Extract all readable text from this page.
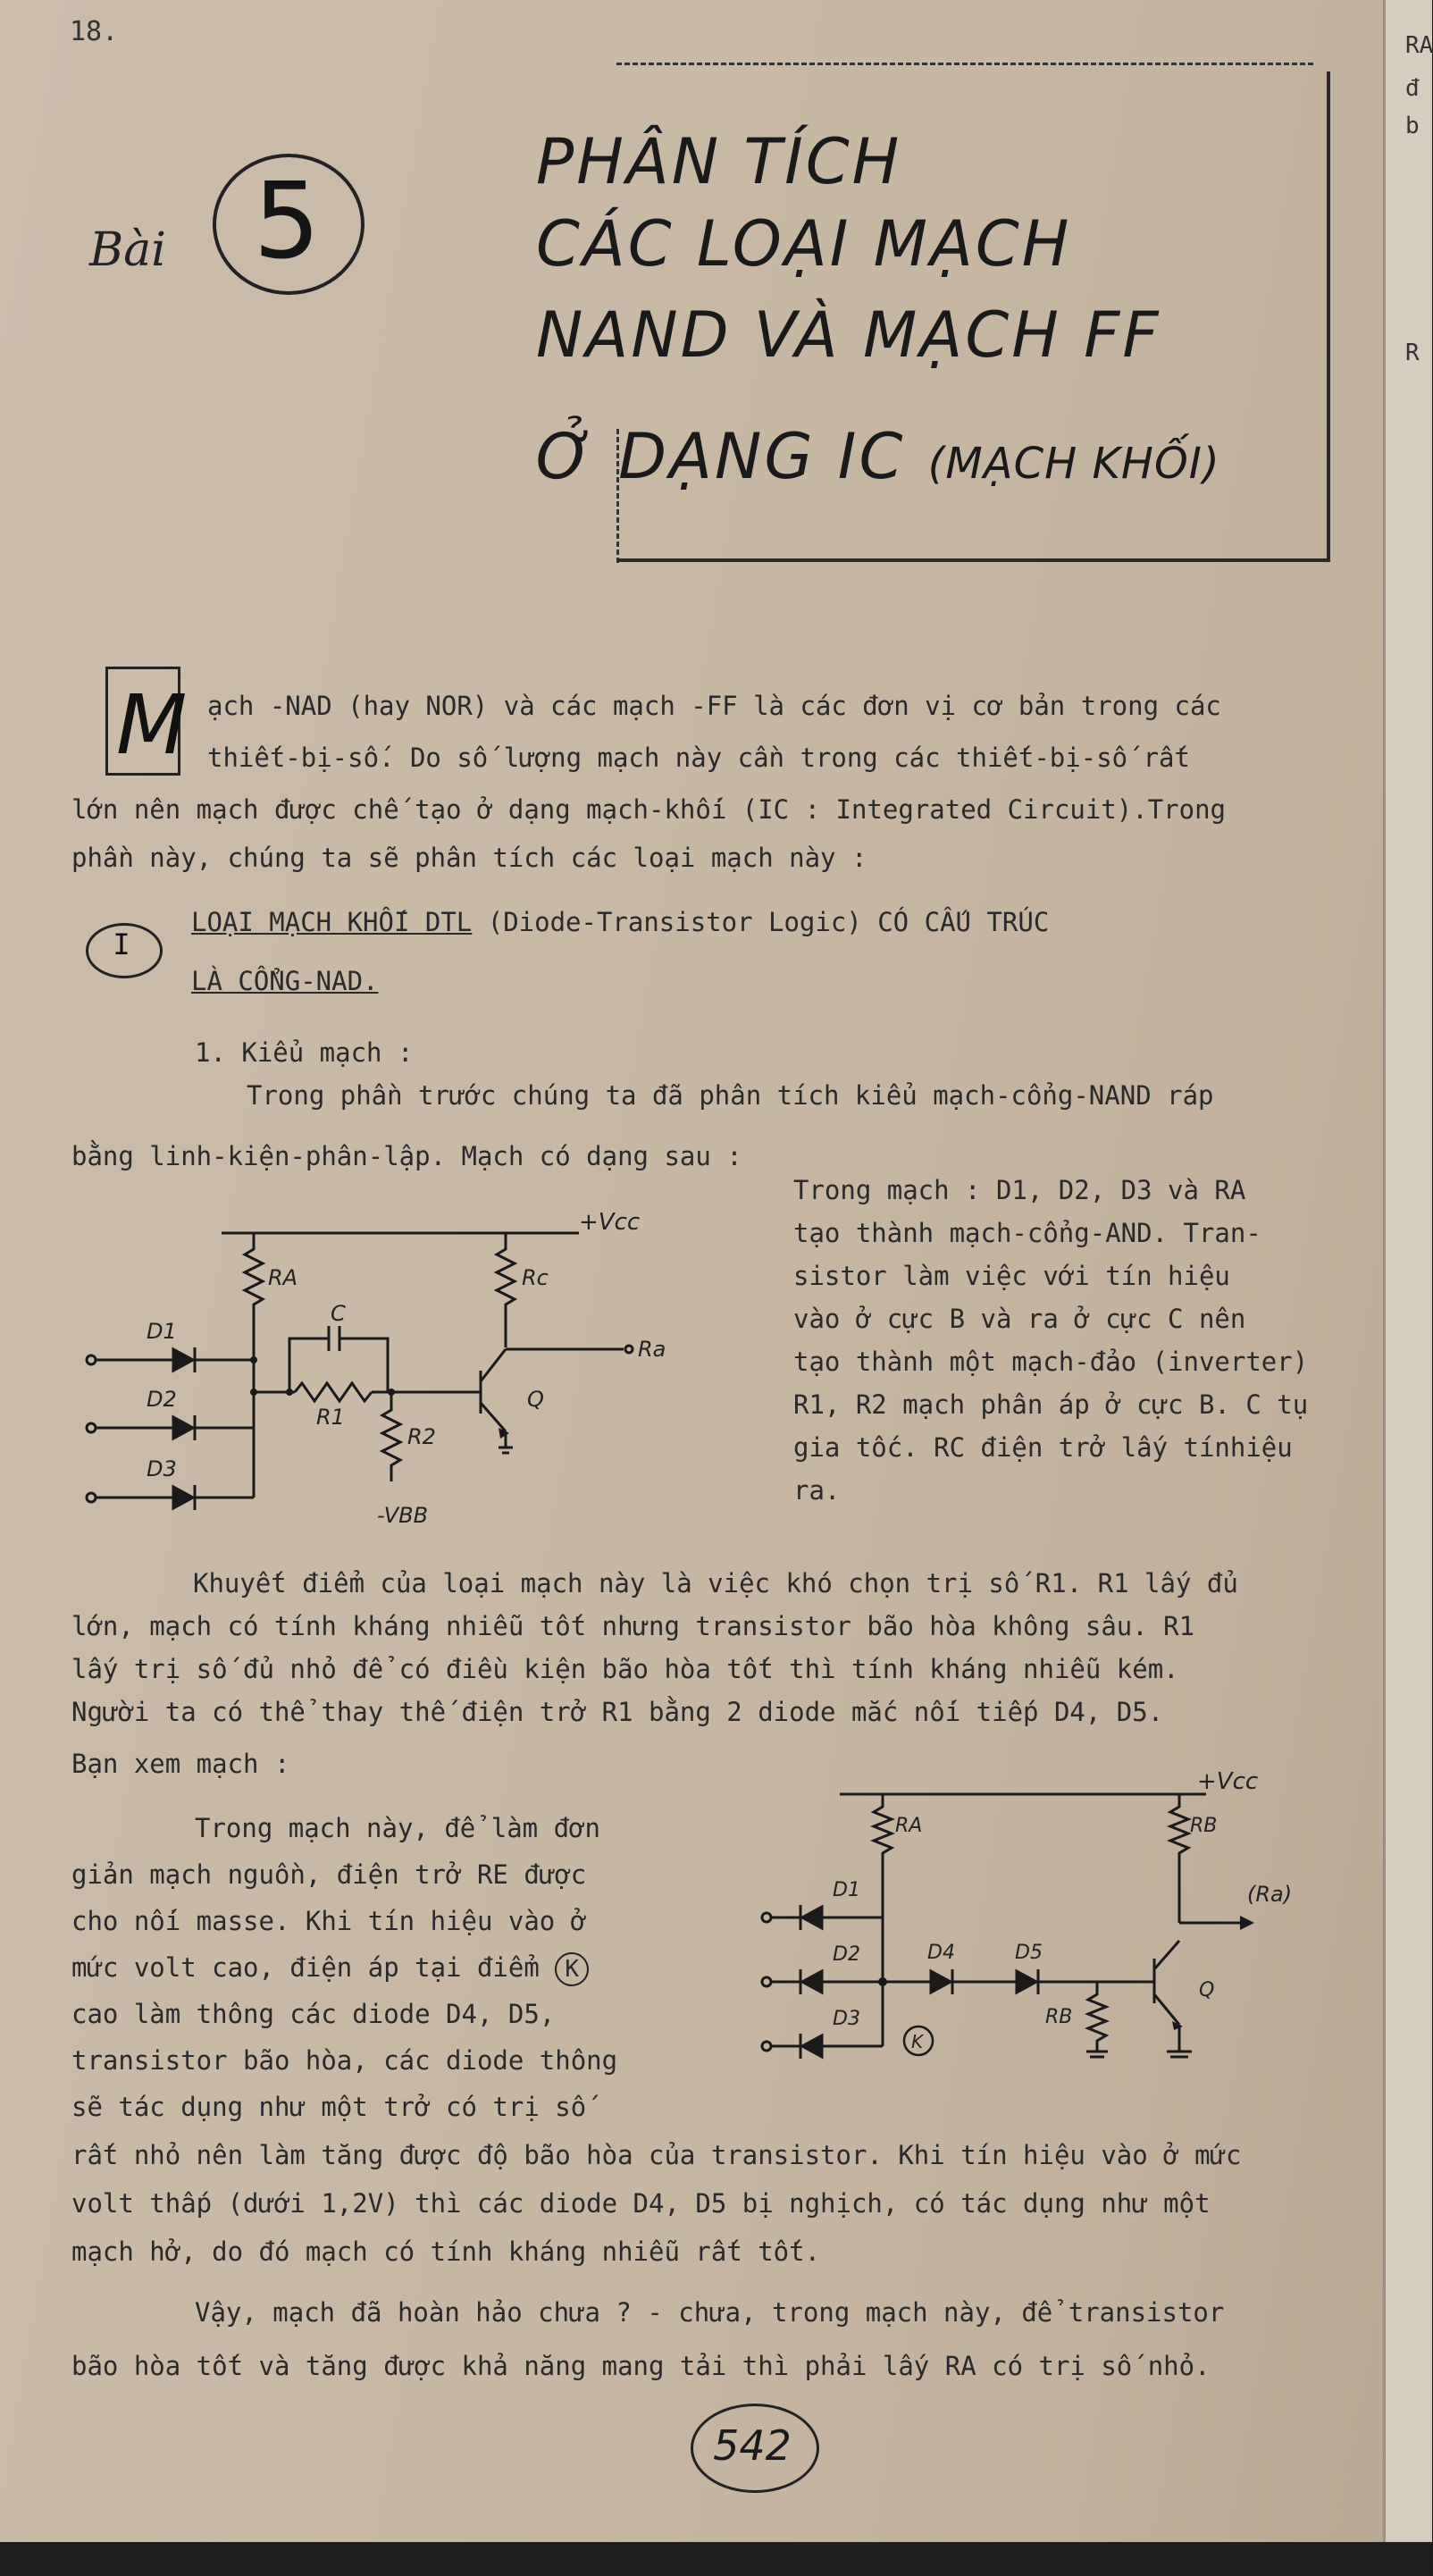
18.
Bài 5	PHÂN TÍCH
CÁC LOẠI MẠCH
NAND VÀ MẠCH FF
Ở DẠNG IC (MẠCH KHỐI)
M ạch -NAD (hay NOR) và các mạch -FF là các đơn vị cơ bản trong các
thiết-bị-số. Do số lượng mạch này cần trong các thiết-bị-số rất
lớn nên mạch được chế tạo ở dạng mạch-khối (IC : Integrated Circuit).Trong
phần này, chúng ta sẽ phân tích các loại mạch này :
I
LOẠI MẠCH KHỐI DTL (Diode-Transistor Logic) CÓ CẤU TRÚC
LÀ CỔNG-NAD.
1. Kiểu mạch :
Trong phần trước chúng ta đã phân tích kiểu mạch-cổng-NAND ráp
bằng linh-kiện-phân-lập. Mạch có dạng sau :
+Vcc
RA	Rc
C
R1
R2
D1
D2
D3
Q
Ra
-VBB
Trong mạch : D1, D2, D3 và RA
tạo thành mạch-cổng-AND. Tran-
sistor làm việc với tín hiệu
vào ở cực B và ra ở cực C nên
tạo thành một mạch-đảo (inverter)
R1, R2 mạch phân áp ở cực B. C tụ
gia tốc. RC điện trở lấy tínhiệu
ra.
Khuyết điểm của loại mạch này là việc khó chọn trị số R1. R1 lấy đủ
lớn, mạch có tính kháng nhiễu tốt nhưng transistor bão hòa không sâu. R1
lấy trị số đủ nhỏ để có điều kiện bão hòa tốt thì tính kháng nhiễu kém.
Người ta có thể thay thế điện trở R1 bằng 2 diode mắc nối tiếp D4, D5.
Bạn xem mạch :
Trong mạch này, để làm đơn
giản mạch nguồn, điện trở RE được
cho nối masse. Khi tín hiệu vào ở
mức volt cao, điện áp tại điểm K
cao làm thông các diode D4, D5,
transistor bão hòa, các diode thông
sẽ tác dụng như một trở có trị số
+Vcc
RA	RB
RB
D1
D2
D3
D4	D5
Q
(Ra)
K
rất nhỏ nên làm tăng được độ bão hòa của transistor. Khi tín hiệu vào ở mức
volt thấp (dưới 1,2V) thì các diode D4, D5 bị nghịch, có tác dụng như một
mạch hở, do đó mạch có tính kháng nhiễu rất tốt.
Vậy, mạch đã hoàn hảo chưa ? - chưa, trong mạch này, để transistor
bão hòa tốt và tăng được khả năng mang tải thì phải lấy RA có trị số nhỏ.
542
RA
đ
b
R
